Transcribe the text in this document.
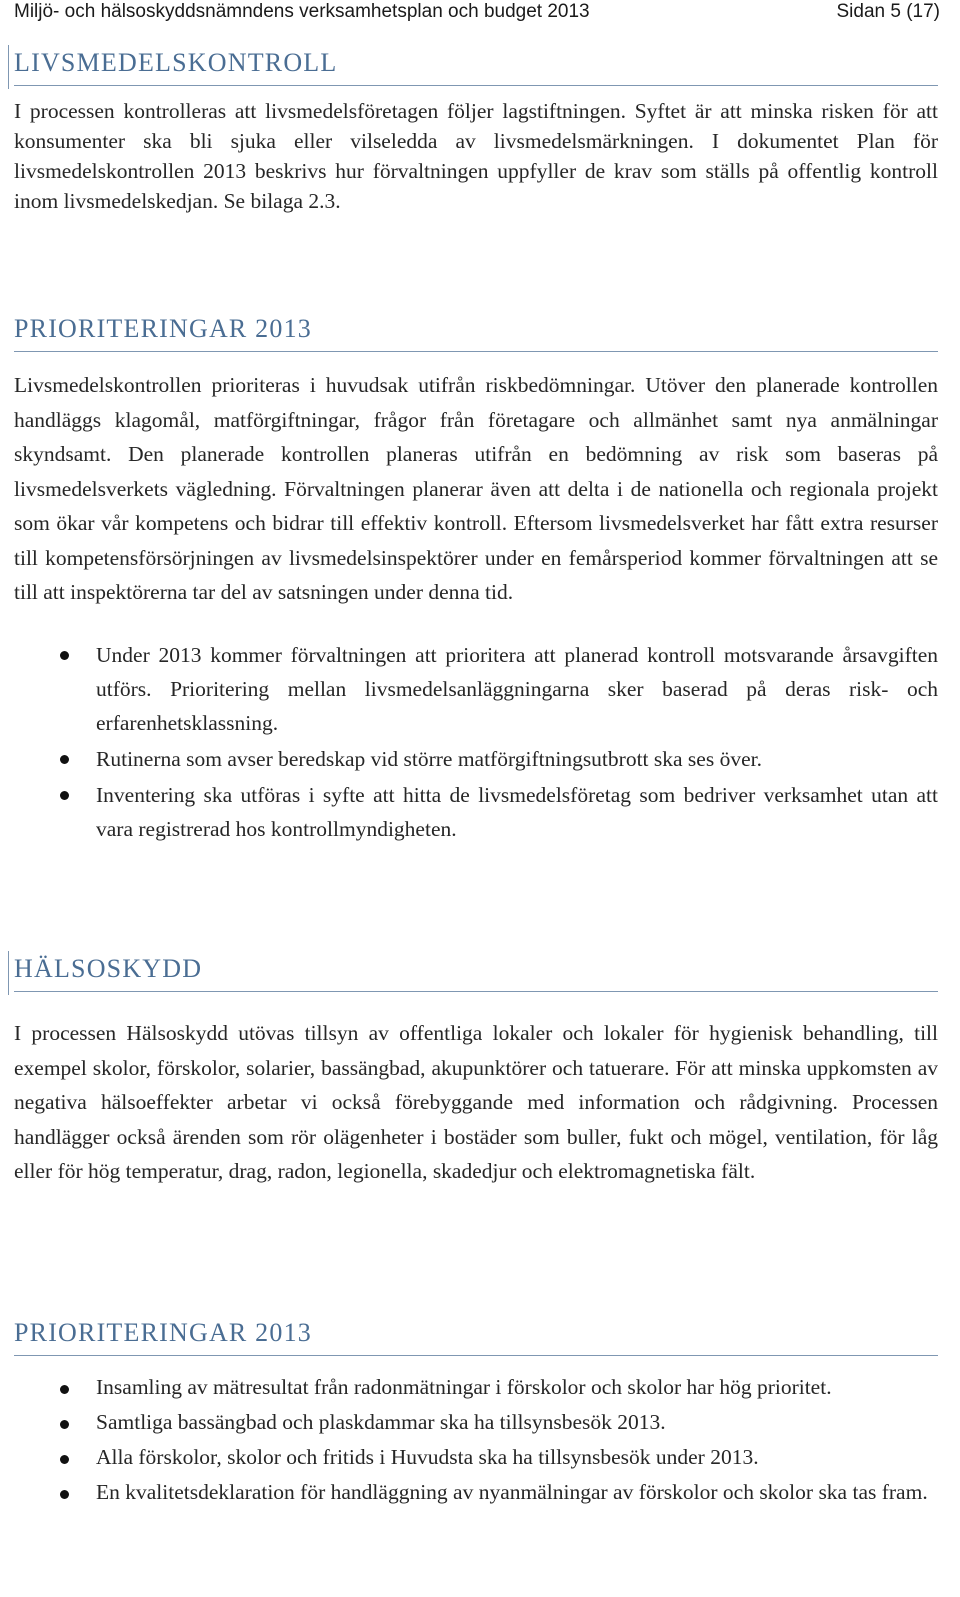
Miljö- och hälsoskyddsnämndens verksamhetsplan och budget 2013	Sidan 5 (17)
LIVSMEDELSKONTROLL

I processen kontrolleras att livsmedelsföretagen följer lagstiftningen. Syftet är att minska risken för att konsumenter ska bli sjuka eller vilseledda av livsmedelsmärkningen. I dokumentet Plan för livsmedelskontrollen 2013 beskrivs hur förvaltningen uppfyller de krav som ställs på offentlig kontroll inom livsmedelskedjan. Se bilaga 2.3.

PRIORITERINGAR 2013

Livsmedelskontrollen prioriteras i huvudsak utifrån riskbedömningar. Utöver den planerade kontrollen handläggs klagomål, matförgiftningar, frågor från företagare och allmänhet samt nya anmälningar skyndsamt. Den planerade kontrollen planeras utifrån en bedömning av risk som baseras på livsmedelsverkets vägledning. Förvaltningen planerar även att delta i de nationella och regionala projekt som ökar vår kompetens och bidrar till effektiv kontroll. Eftersom livsmedelsverket har fått extra resurser till kompetensförsörjningen av livsmedelsinspektörer under en femårsperiod kommer förvaltningen att se till att inspektörerna tar del av satsningen under denna tid.

Under 2013 kommer förvaltningen att prioritera att planerad kontroll motsvarande årsavgiften utförs. Prioritering mellan livsmedelsanläggningarna sker baserad på deras risk- och erfarenhetsklassning.
Rutinerna som avser beredskap vid större matförgiftningsutbrott ska ses över.
Inventering ska utföras i syfte att hitta de livsmedelsföretag som bedriver verksamhet utan att vara registrerad hos kontrollmyndigheten.
HÄLSOSKYDD

I processen Hälsoskydd utövas tillsyn av offentliga lokaler och lokaler för hygienisk behandling, till exempel skolor, förskolor, solarier, bassängbad, akupunktörer och tatuerare. För att minska uppkomsten av negativa hälsoeffekter arbetar vi också förebyggande med information och rådgivning. Processen handlägger också ärenden som rör olägenheter i bostäder som buller, fukt och mögel, ventilation, för låg eller för hög temperatur, drag, radon, legionella, skadedjur och elektromagnetiska fält.

PRIORITERINGAR 2013
Insamling av mätresultat från radonmätningar i förskolor och skolor har hög prioritet.
Samtliga bassängbad och plaskdammar ska ha tillsynsbesök 2013.
Alla förskolor, skolor och fritids i Huvudsta ska ha tillsynsbesök under 2013.
En kvalitetsdeklaration för handläggning av nyanmälningar av förskolor och skolor ska tas fram.
